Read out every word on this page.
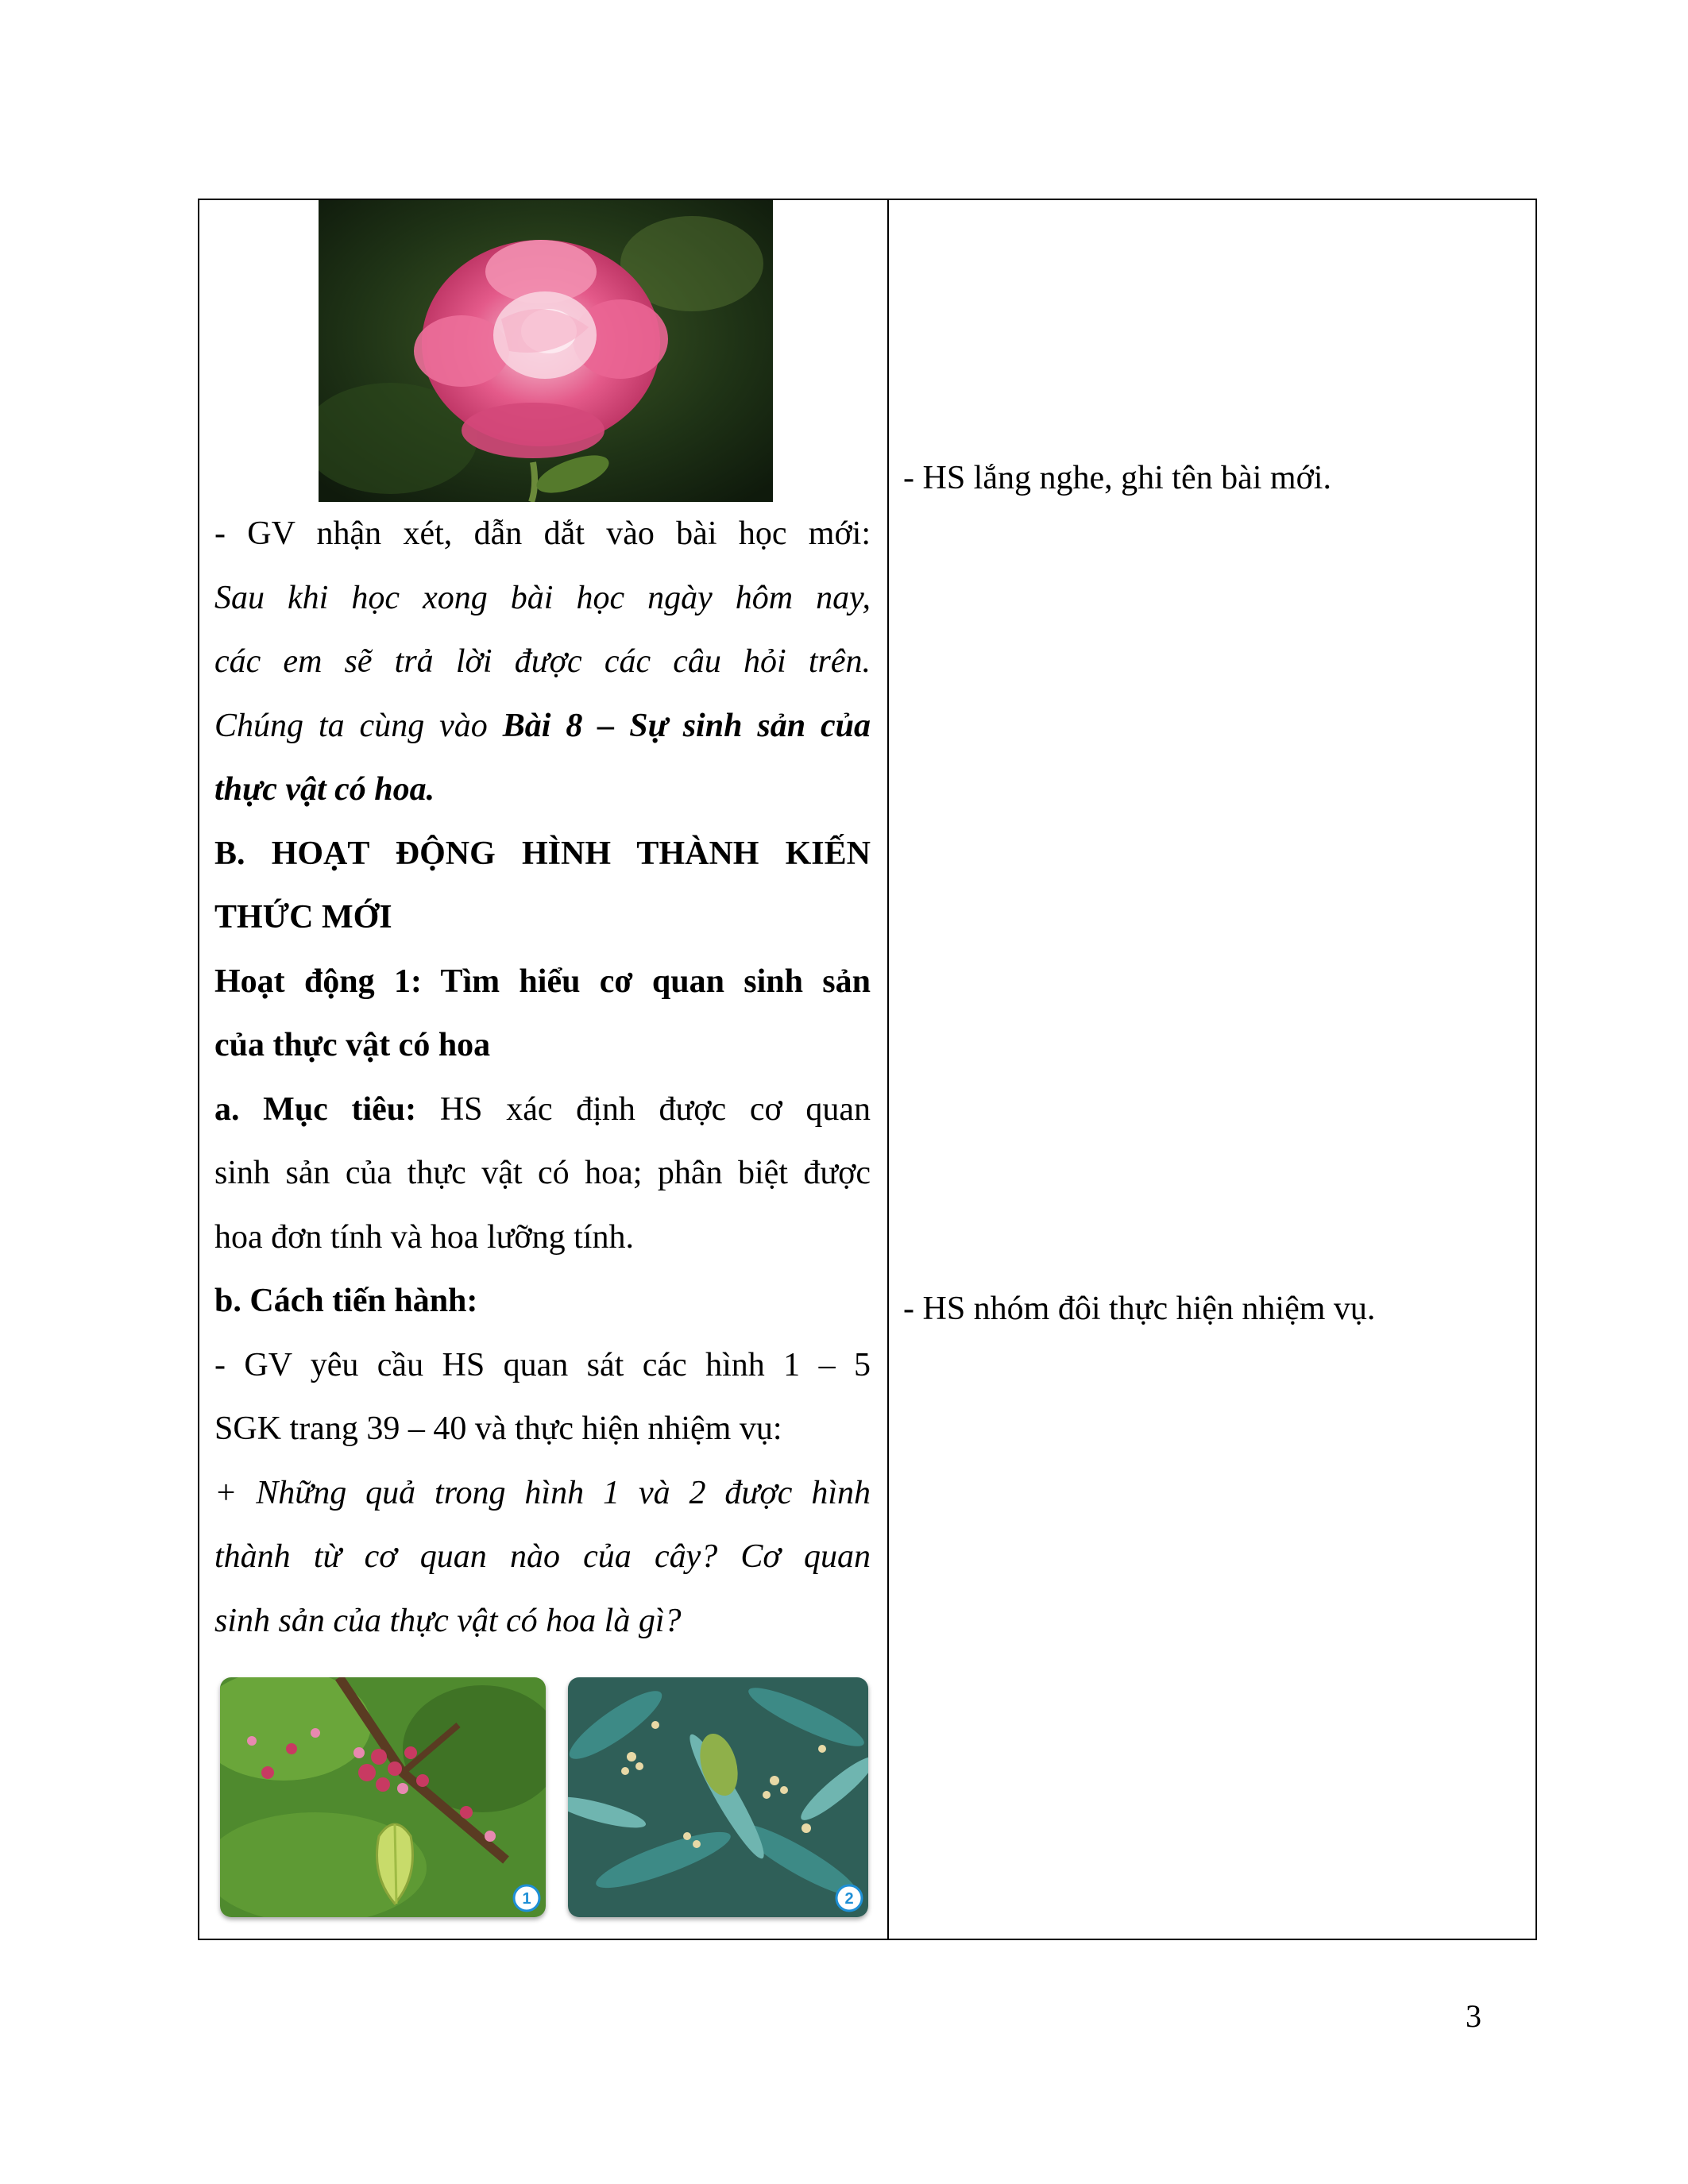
- GV nhận xét, dẫn dắt vào bài học mới:
Sau khi học xong bài học ngày hôm nay,
các em sẽ trả lời được các câu hỏi trên.
Chúng ta cùng vào Bài 8 – Sự sinh sản của
thực vật có hoa.
B. HOẠT ĐỘNG HÌNH THÀNH KIẾN
THỨC MỚI
Hoạt động 1: Tìm hiểu cơ quan sinh sản
của thực vật có hoa
a. Mục tiêu: HS xác định được cơ quan
sinh sản của thực vật có hoa; phân biệt được
hoa đơn tính và hoa lưỡng tính.
b. Cách tiến hành:
- GV yêu cầu HS quan sát các hình 1 – 5
SGK trang 39 – 40 và thực hiện nhiệm vụ:
+ Những quả trong hình 1 và 2 được hình
thành từ cơ quan nào của cây? Cơ quan
sinh sản của thực vật có hoa là gì?
1	2
- HS lắng nghe, ghi tên bài mới.
- HS nhóm đôi thực hiện nhiệm vụ.
3
